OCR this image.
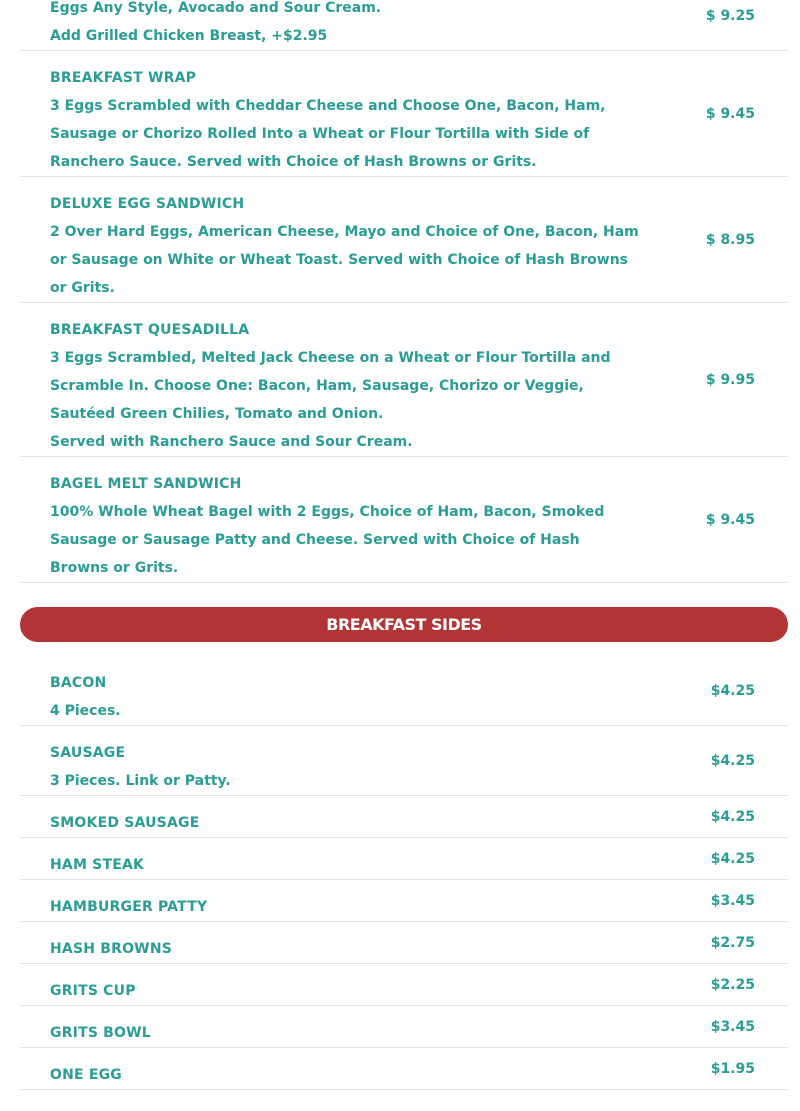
Eggs Any Style, Avocado and Sour Cream.
Add Grilled Chicken Breast, +$2.95
$ 9.25
BREAKFAST WRAP
3 Eggs Scrambled with Cheddar Cheese and Choose One, Bacon, Ham, Sausage or Chorizo Rolled Into a Wheat or Flour Tortilla with Side of Ranchero Sauce. Served with Choice of Hash Browns or Grits.
$ 9.45
DELUXE EGG SANDWICH
2 Over Hard Eggs, American Cheese, Mayo and Choice of One, Bacon, Ham or Sausage on White or Wheat Toast. Served with Choice of Hash Browns or Grits.
$ 8.95
BREAKFAST QUESADILLA
3 Eggs Scrambled, Melted Jack Cheese on a Wheat or Flour Tortilla and Scramble In. Choose One: Bacon, Ham, Sausage, Chorizo or Veggie, Sautéed Green Chilies, Tomato and Onion.
Served with Ranchero Sauce and Sour Cream.
$ 9.95
BAGEL MELT SANDWICH
100% Whole Wheat Bagel with 2 Eggs, Choice of Ham, Bacon, Smoked Sausage or Sausage Patty and Cheese. Served with Choice of Hash Browns or Grits.
$ 9.45
BREAKFAST SIDES
BACON
4 Pieces.
$4.25
SAUSAGE
3 Pieces. Link or Patty.
$4.25
SMOKED SAUSAGE	$4.25
HAM STEAK	$4.25
HAMBURGER PATTY	$3.45
HASH BROWNS	$2.75
GRITS CUP	$2.25
GRITS BOWL	$3.45
ONE EGG	$1.95
